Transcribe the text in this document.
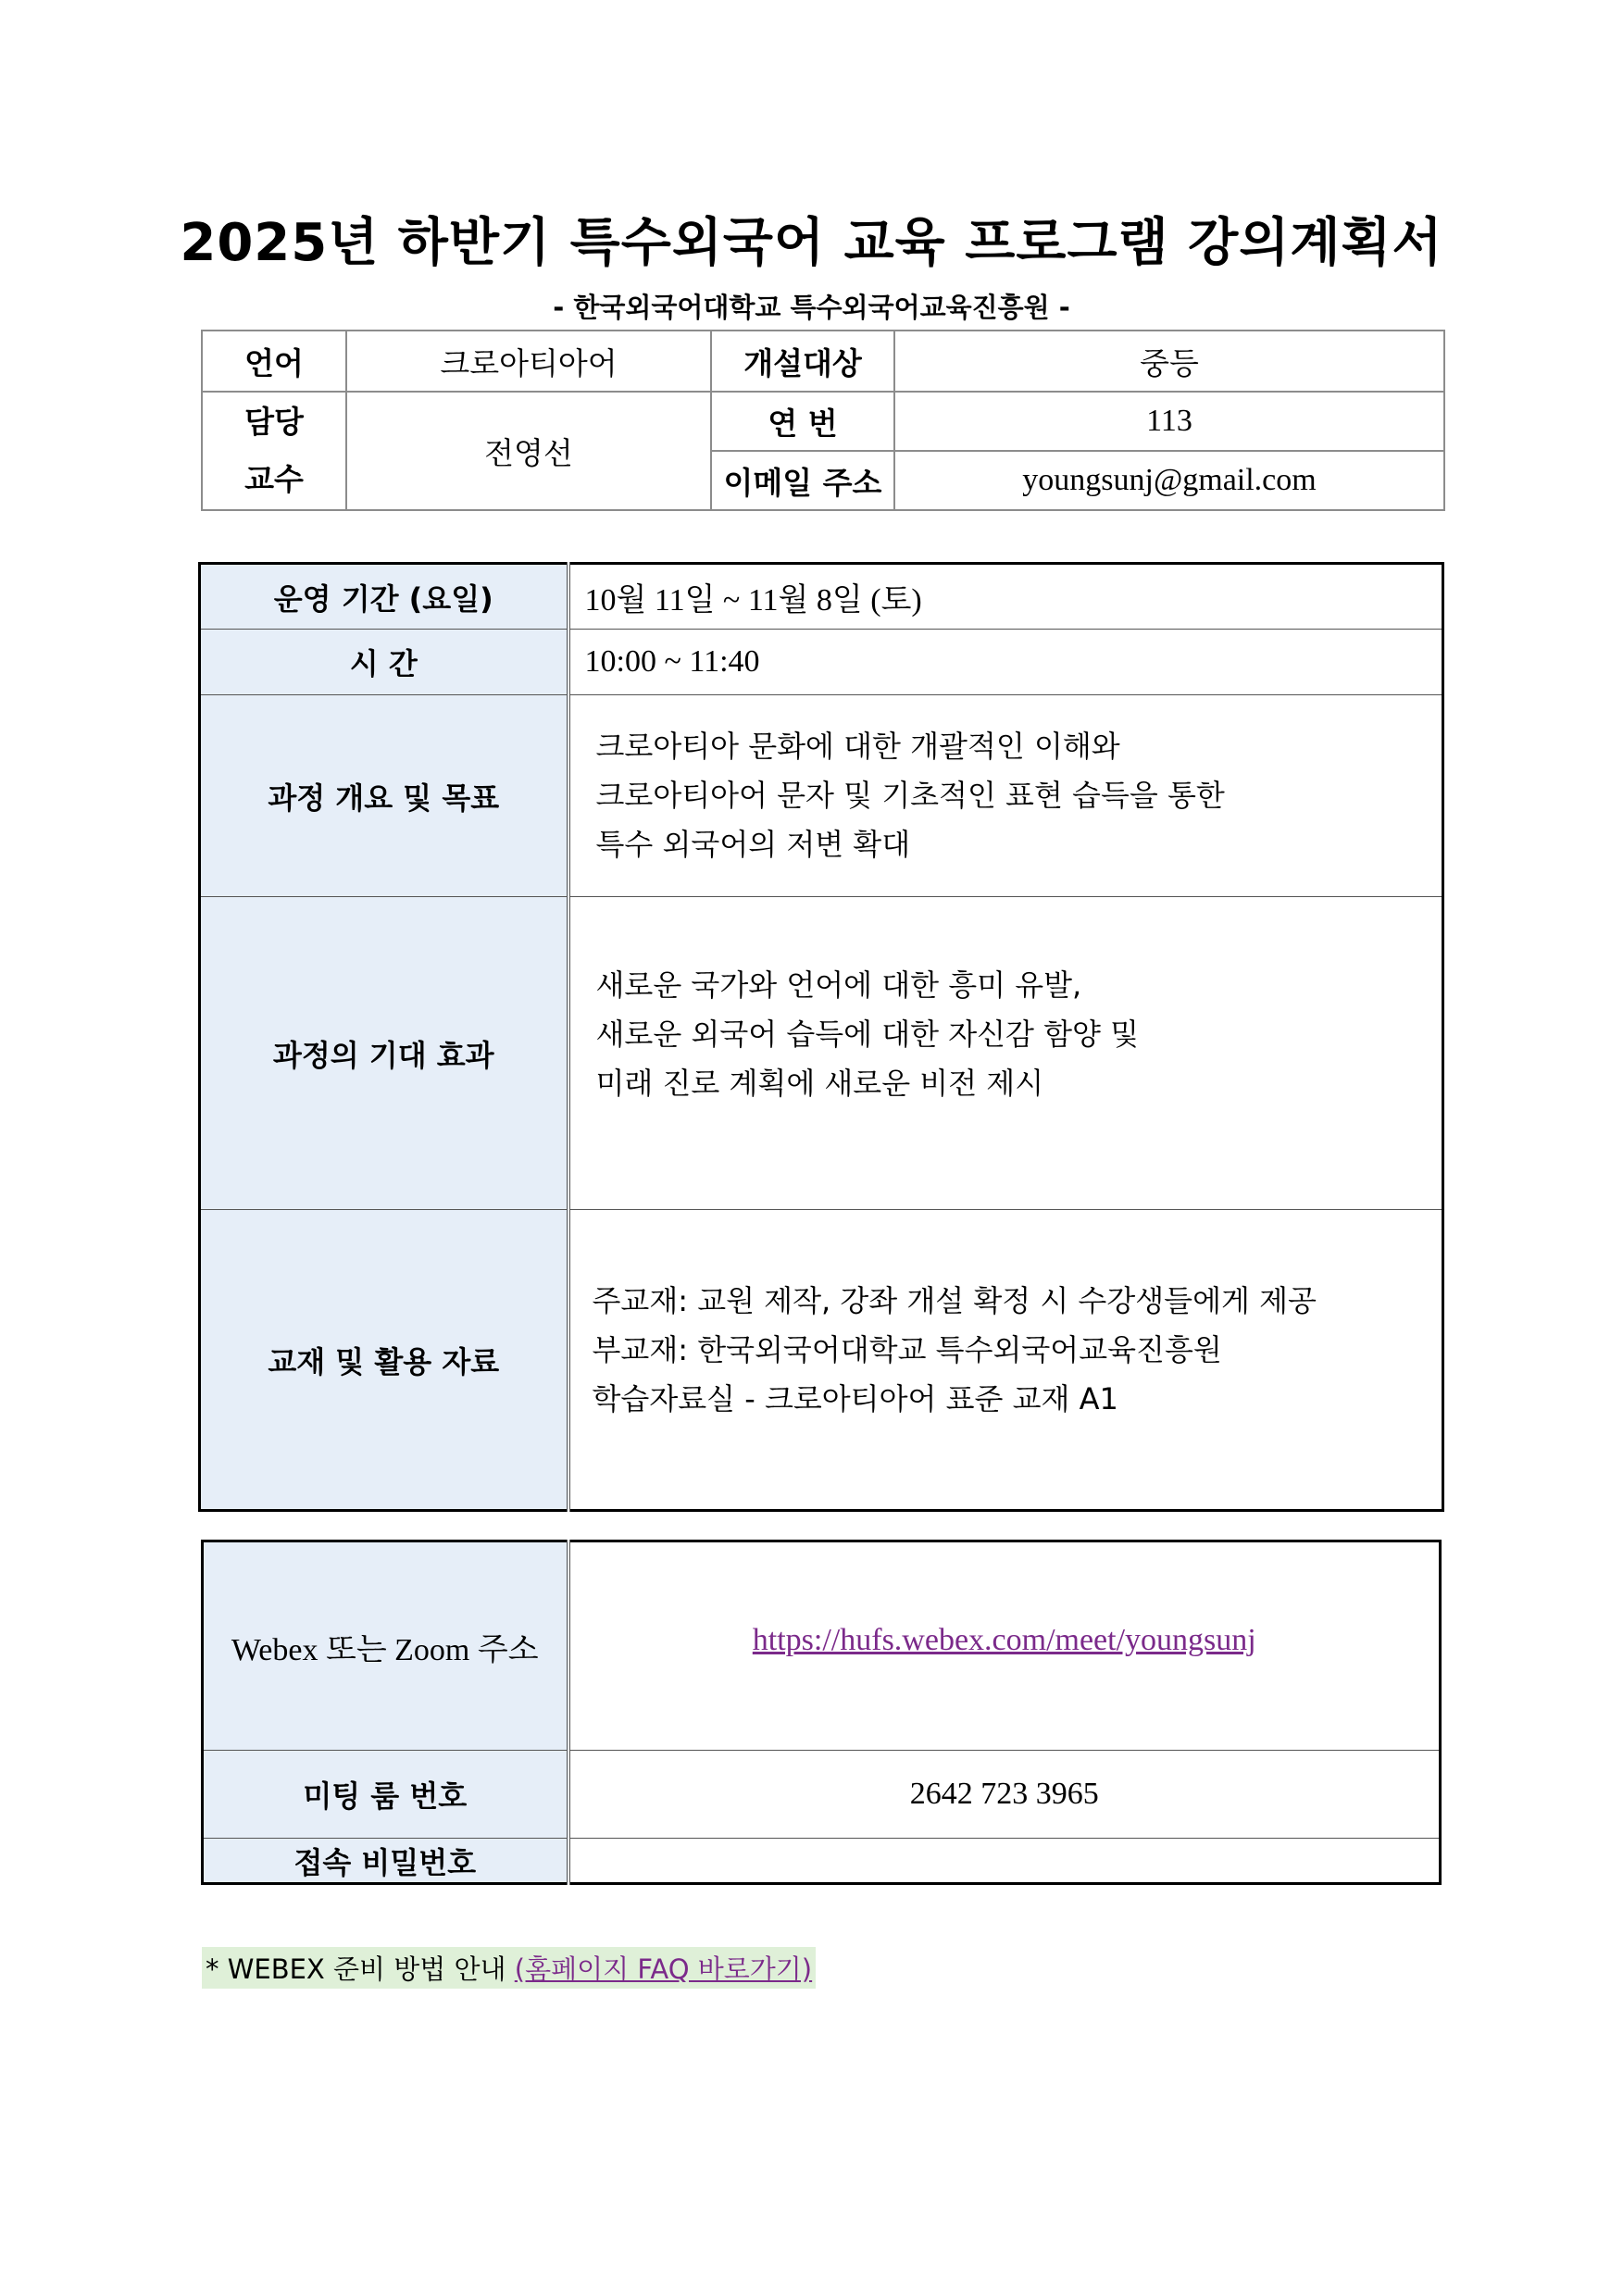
2025년 하반기 특수외국어 교육 프로그램 강의계획서
- 한국외국어대학교 특수외국어교육진흥원 -
언어	크로아티아어	개설대상	중등

담당
교수	전영선	연 번	113
		이메일 주소	youngsunj@gmail.com
운영 기간 (요일)	10월 11일 ~ 11월 8일 (토)
시 간	10:00 ~ 11:40
과정 개요 및 목표	크로아티아 문화에 대한 개괄적인 이해와
크로아티아어 문자 및 기초적인 표현 습득을 통한
특수 외국어의 저변 확대

과정의 기대 효과	새로운 국가와 언어에 대한 흥미 유발,
새로운 외국어 습득에 대한 자신감 함양 및
미래 진로 계획에 새로운 비전 제시

교재 및 활용 자료	주교재: 교원 제작, 강좌 개설 확정 시 수강생들에게 제공
부교재: 한국외국어대학교 특수외국어교육진흥원
학습자료실 - 크로아티아어 표준 교재 A1
Webex 또는 Zoom 주소	https://hufs.webex.com/meet/youngsunj
미팅 룸 번호	2642 723 3965
접속 비밀번호	
* WEBEX 준비 방법 안내 (홈페이지 FAQ 바로가기)
